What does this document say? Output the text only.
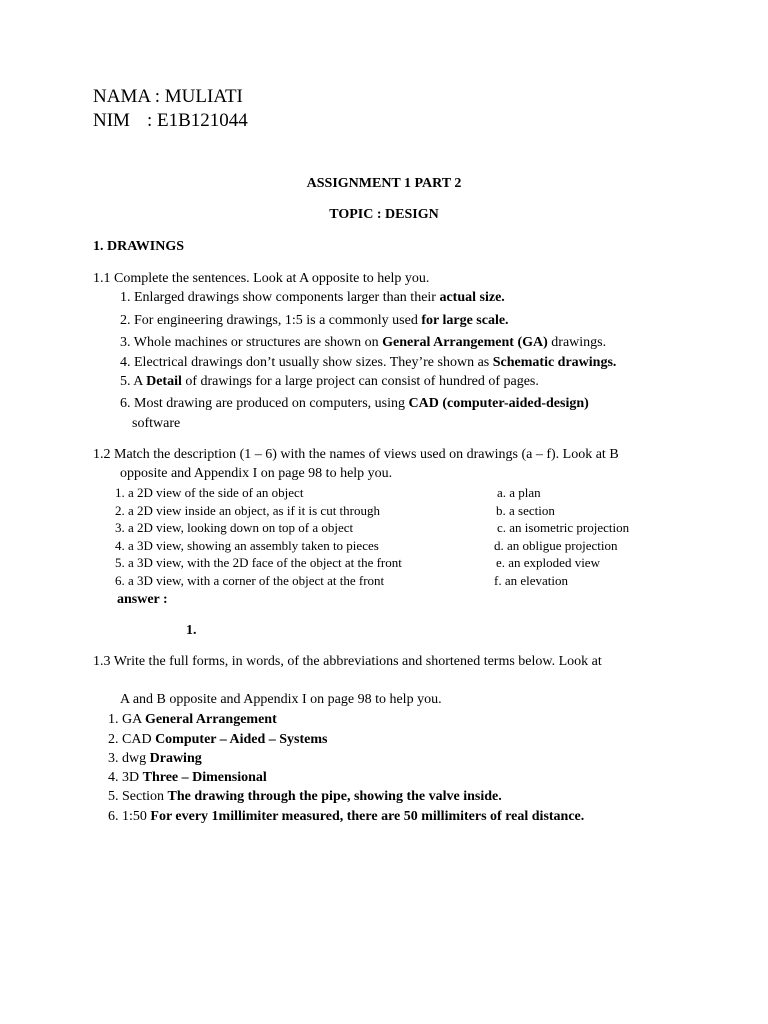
NAMA : MULIATI
NIM : E1B121044
ASSIGNMENT 1 PART 2
TOPIC : DESIGN
1. DRAWINGS
1.1 Complete the sentences. Look at A opposite to help you.
1. Enlarged drawings show components larger than their actual size.
2. For engineering drawings, 1:5 is a commonly used for large scale.
3. Whole machines or structures are shown on General Arrangement (GA) drawings.
4. Electrical drawings don’t usually show sizes. They’re shown as Schematic drawings.
5. A Detail of drawings for a large project can consist of hundred of pages.
6. Most drawing are produced on computers, using CAD (computer-aided-design)
software
1.2 Match the description (1 – 6) with the names of views used on drawings (a – f). Look at B
opposite and Appendix I on page 98 to help you.
1. a 2D view of the side of an object
2. a 2D view inside an object, as if it is cut through
3. a 2D view, looking down on top of a object
4. a 3D view, showing an assembly taken to pieces
5. a 3D view, with the 2D face of the object at the front
6. a 3D view, with a corner of the object at the front
a. a plan
b. a section
c. an isometric projection
d. an obligue projection
e. an exploded view
f. an elevation
answer :
1.
1.3 Write the full forms, in words, of the abbreviations and shortened terms below. Look at
A and B opposite and Appendix I on page 98 to help you.
1. GA General Arrangement
2. CAD Computer – Aided – Systems
3. dwg Drawing
4. 3D Three – Dimensional
5. Section The drawing through the pipe, showing the valve inside.
6. 1:50 For every 1millimiter measured, there are 50 millimiters of real distance.
